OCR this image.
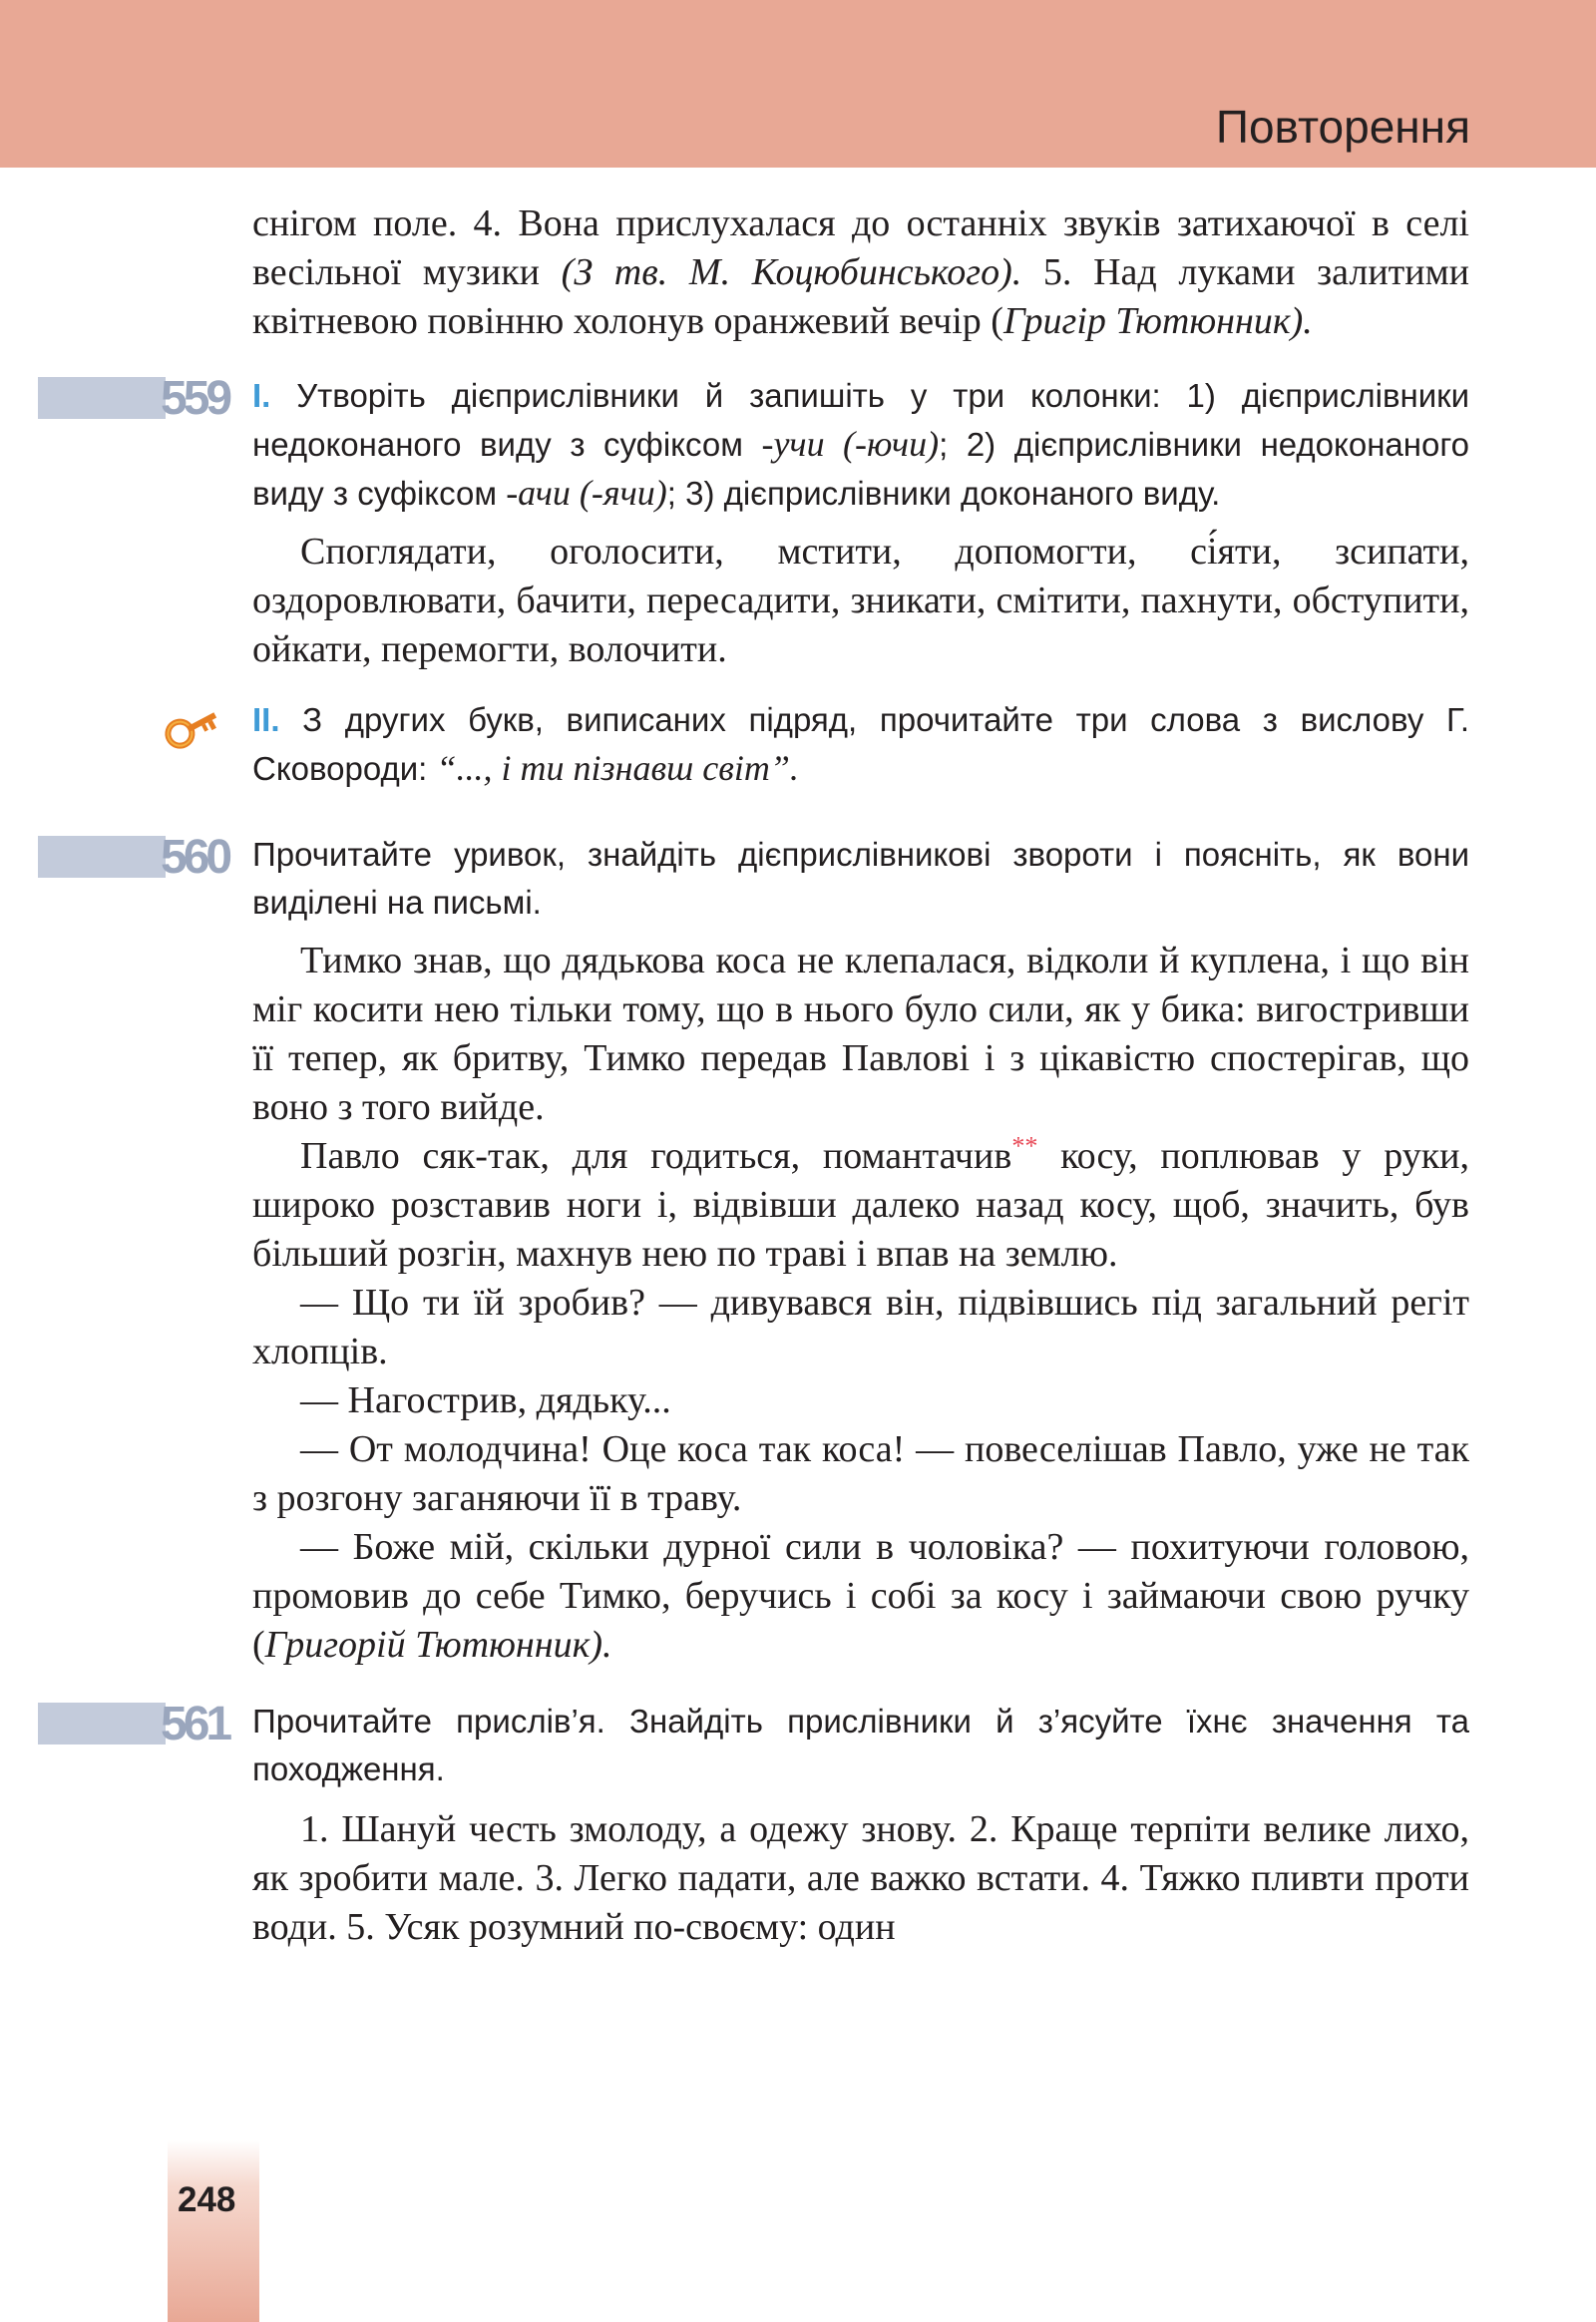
Повторення

снігом поле. 4. Вона прислухалася до останніх звуків затихаючої в селі весільної музики (З тв. М. Коцюбинського). 5. Над луками залитими квітневою повінню холонув оранжевий вечір (Григір Тютюнник).

559 І. Утворіть дієприслівники й запишіть у три колонки: 1) дієприслівники недоконаного виду з суфіксом -учи (-ючи); 2) дієприслівники недоконаного виду з суфіксом -ачи (-ячи); 3) дієприслівники доконаного виду.

Споглядати, оголосити, мстити, допомогти, сі́яти, зсипати, оздоровлювати, бачити, пересадити, зникати, смітити, пахнути, обступити, ойкати, перемогти, волочити.

ІІ. З других букв, виписаних підряд, прочитайте три слова з вислову Г. Сковороди: “..., і ти пізнавш світ”.

560 Прочитайте уривок, знайдіть дієприслівникові звороти і поясніть, як вони виділені на письмі.

Тимко знав, що дядькова коса не клепалася, відколи й куплена, і що він міг косити нею тільки тому, що в нього було сили, як у бика: вигостривши її тепер, як бритву, Тимко передав Павлові і з цікавістю спостерігав, що воно з того вийде.

Павло сяк-так, для годиться, помантачив** косу, поплював у руки, широко розставив ноги і, відвівши далеко назад косу, щоб, значить, був більший розгін, махнув нею по траві і впав на землю.

— Що ти їй зробив? — дивувався він, підвівшись під загальний регіт хлопців.

— Нагострив, дядьку...

— От молодчина! Оце коса так коса! — повеселішав Павло, уже не так з розгону заганяючи її в траву.

— Боже мій, скільки дурної сили в чоловіка? — похитуючи головою, промовив до себе Тимко, беручись і собі за косу і займаючи свою ручку (Григорій Тютюнник).

561 Прочитайте прислів’я. Знайдіть прислівники й з’ясуйте їхнє значення та походження.

1. Шануй честь змолоду, а одежу знову. 2. Краще терпіти велике лихо, як зробити мале. 3. Легко падати, але важко встати. 4. Тяжко пливти проти води. 5. Усяк розумний по-своєму: один

248
